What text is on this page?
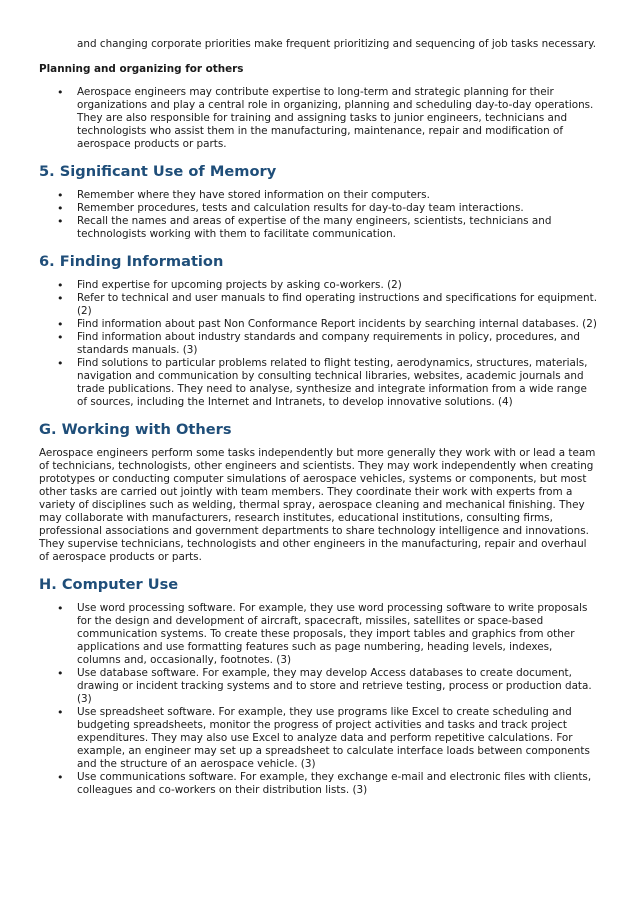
and changing corporate priorities make frequent prioritizing and sequencing of job tasks necessary.

Planning and organizing for others
• Aerospace engineers may contribute expertise to long-term and strategic planning for their organizations and play a central role in organizing, planning and scheduling day-to-day operations. They are also responsible for training and assigning tasks to junior engineers, technicians and technologists who assist them in the manufacturing, maintenance, repair and modification of aerospace products or parts.
5. Significant Use of Memory
• Remember where they have stored information on their computers.
• Remember procedures, tests and calculation results for day-to-day team interactions.
• Recall the names and areas of expertise of the many engineers, scientists, technicians and technologists working with them to facilitate communication.
6. Finding Information
• Find expertise for upcoming projects by asking co-workers. (2)
• Refer to technical and user manuals to find operating instructions and specifications for equipment. (2)
• Find information about past Non Conformance Report incidents by searching internal databases. (2)
• Find information about industry standards and company requirements in policy, procedures, and standards manuals. (3)
• Find solutions to particular problems related to flight testing, aerodynamics, structures, materials, navigation and communication by consulting technical libraries, websites, academic journals and trade publications. They need to analyse, synthesize and integrate information from a wide range of sources, including the Internet and Intranets, to develop innovative solutions. (4)
G. Working with Others

Aerospace engineers perform some tasks independently but more generally they work with or lead a team of technicians, technologists, other engineers and scientists. They may work independently when creating prototypes or conducting computer simulations of aerospace vehicles, systems or components, but most other tasks are carried out jointly with team members. They coordinate their work with experts from a variety of disciplines such as welding, thermal spray, aerospace cleaning and mechanical finishing. They may collaborate with manufacturers, research institutes, educational institutions, consulting firms, professional associations and government departments to share technology intelligence and innovations. They supervise technicians, technologists and other engineers in the manufacturing, repair and overhaul of aerospace products or parts.

H. Computer Use
• Use word processing software. For example, they use word processing software to write proposals for the design and development of aircraft, spacecraft, missiles, satellites or space-based communication systems. To create these proposals, they import tables and graphics from other applications and use formatting features such as page numbering, heading levels, indexes, columns and, occasionally, footnotes. (3)
• Use database software. For example, they may develop Access databases to create document, drawing or incident tracking systems and to store and retrieve testing, process or production data. (3)
• Use spreadsheet software. For example, they use programs like Excel to create scheduling and budgeting spreadsheets, monitor the progress of project activities and tasks and track project expenditures. They may also use Excel to analyze data and perform repetitive calculations. For example, an engineer may set up a spreadsheet to calculate interface loads between components and the structure of an aerospace vehicle. (3)
• Use communications software. For example, they exchange e-mail and electronic files with clients, colleagues and co-workers on their distribution lists. (3)
